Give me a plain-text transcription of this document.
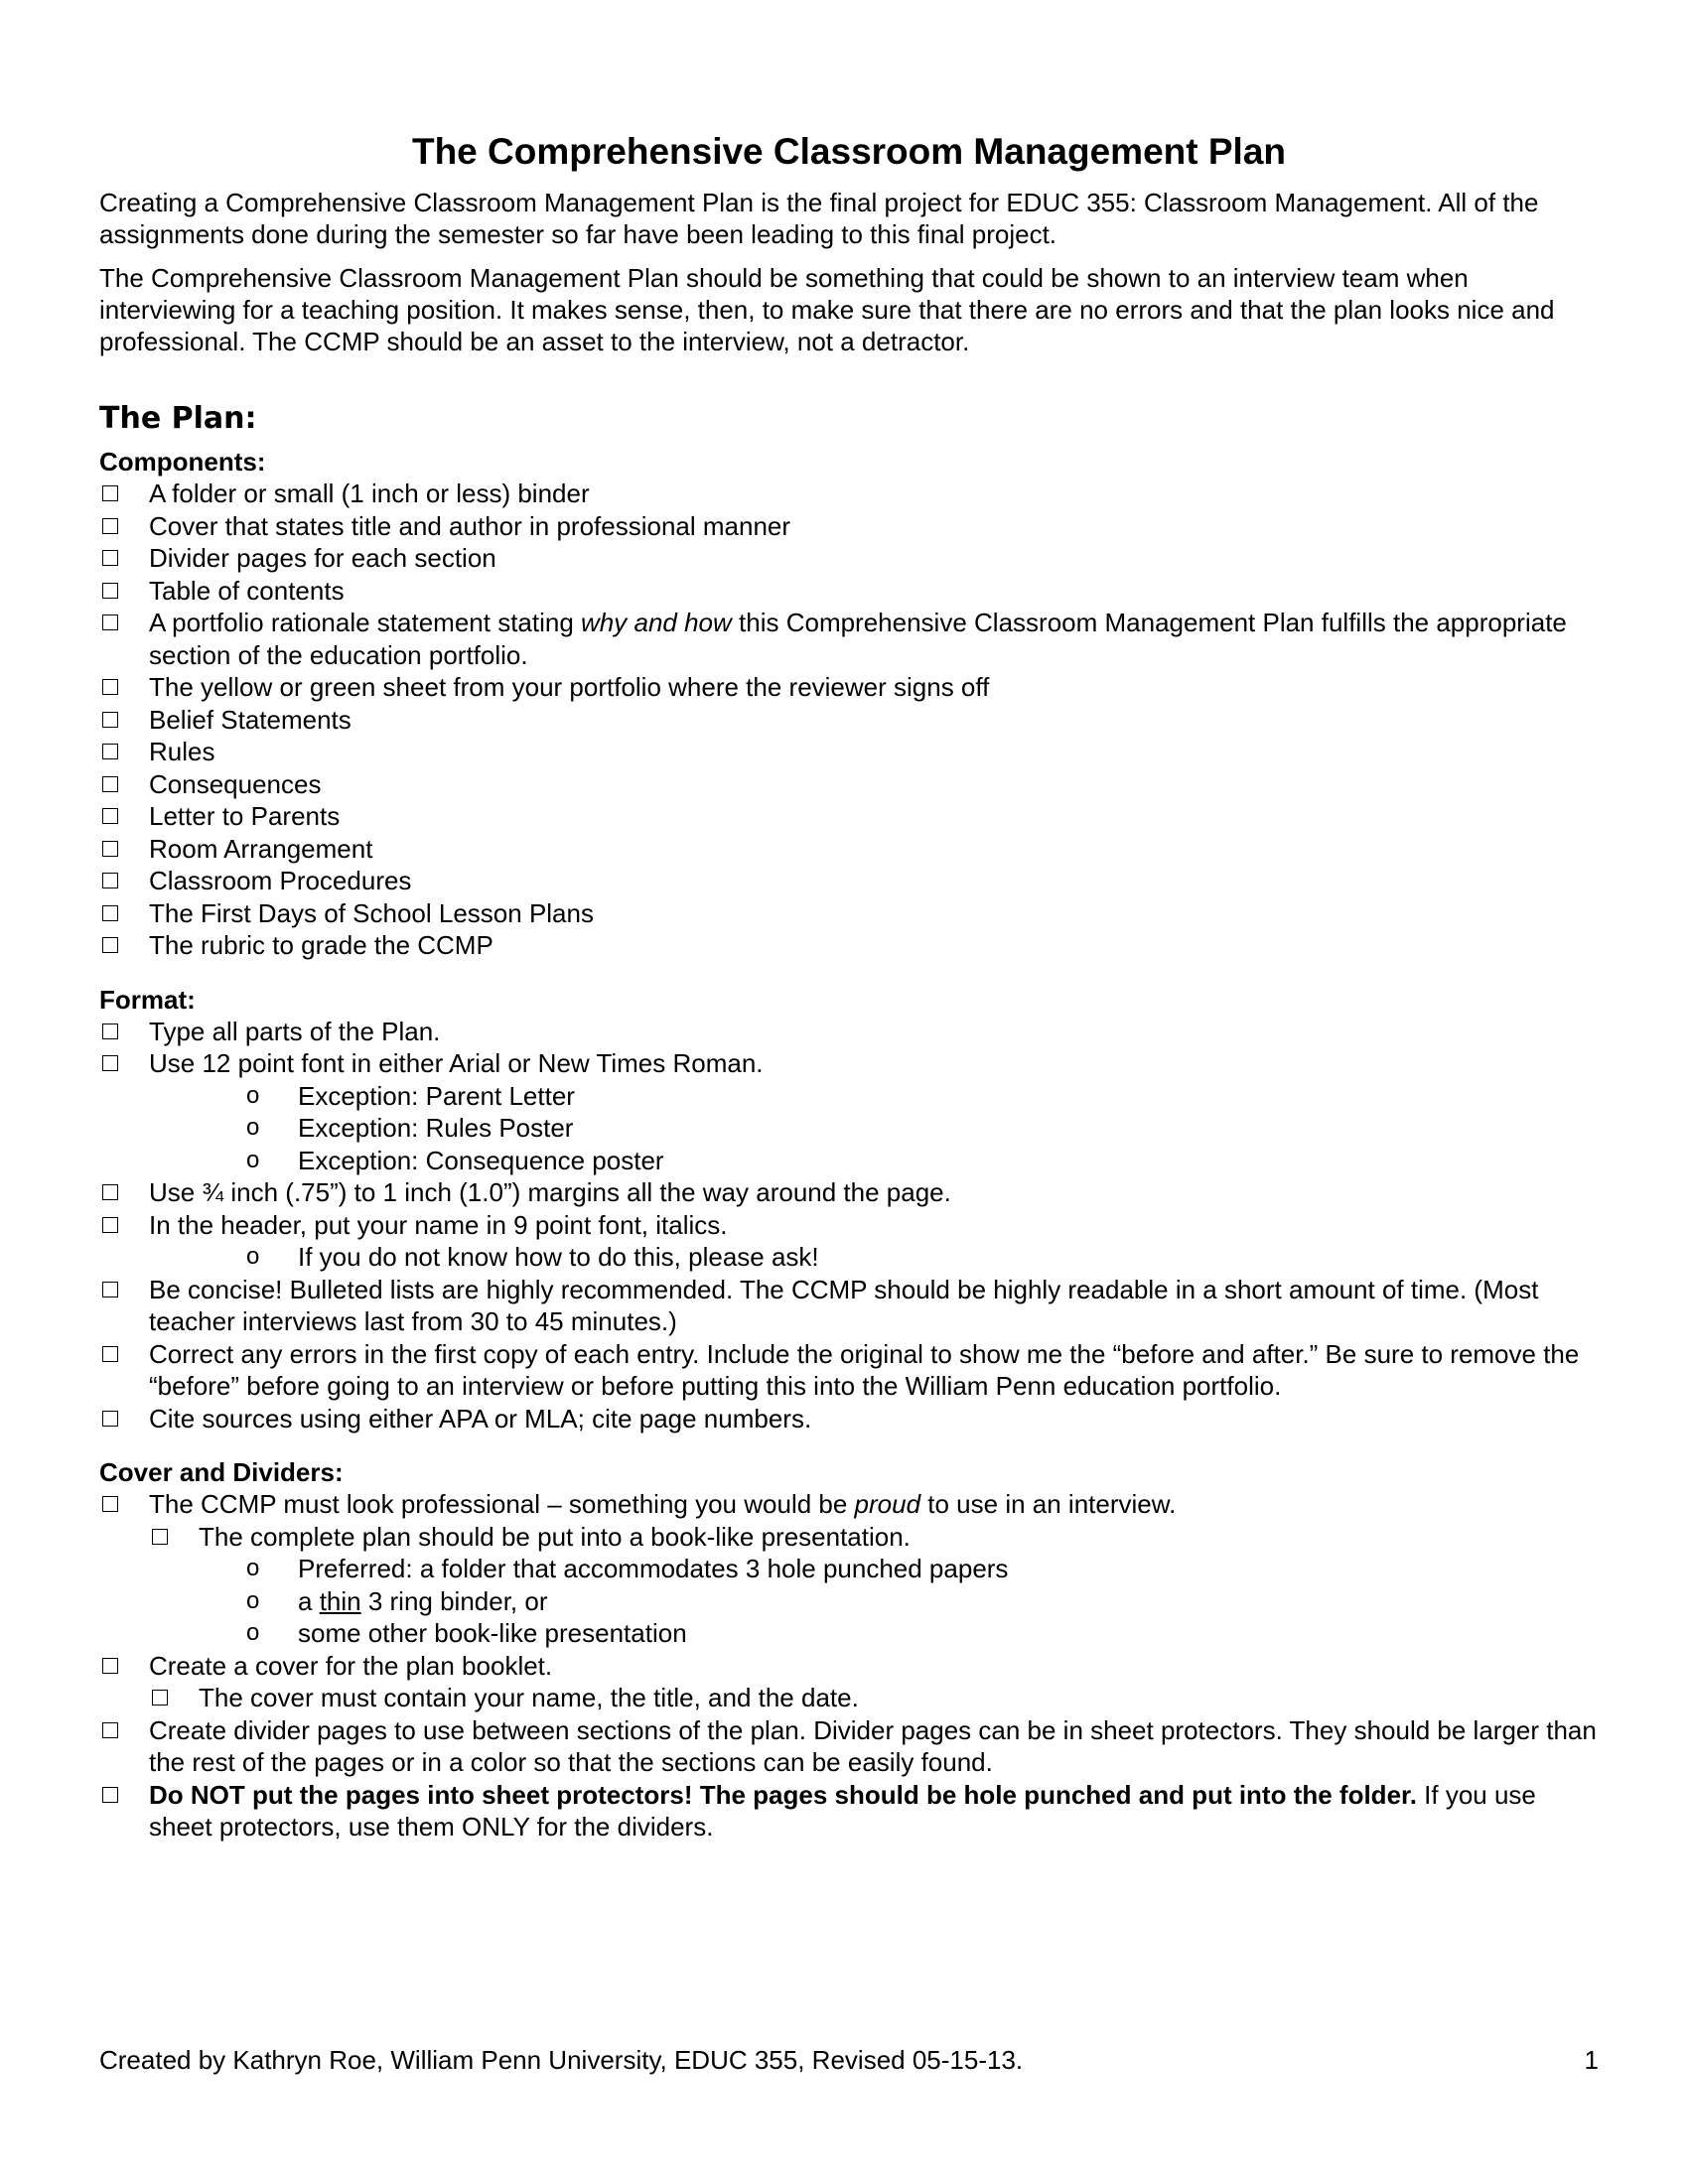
The Comprehensive Classroom Management Plan

Creating a Comprehensive Classroom Management Plan is the final project for EDUC 355: Classroom Management. All of the assignments done during the semester so far have been leading to this final project.

The Comprehensive Classroom Management Plan should be something that could be shown to an interview team when interviewing for a teaching position. It makes sense, then, to make sure that there are no errors and that the plan looks nice and professional. The CCMP should be an asset to the interview, not a detractor.

The Plan:
Components:
A folder or small (1 inch or less) binder
Cover that states title and author in professional manner
Divider pages for each section
Table of contents
A portfolio rationale statement stating why and how this Comprehensive Classroom Management Plan fulfills the appropriate section of the education portfolio.
The yellow or green sheet from your portfolio where the reviewer signs off
Belief Statements
Rules
Consequences
Letter to Parents
Room Arrangement
Classroom Procedures
The First Days of School Lesson Plans
The rubric to grade the CCMP
Format:
Type all parts of the Plan.
Use 12 point font in either Arial or New Times Roman.
o Exception: Parent Letter
o Exception: Rules Poster
o Exception: Consequence poster
Use ¾ inch (.75”) to 1 inch (1.0”) margins all the way around the page.
In the header, put your name in 9 point font, italics.
o If you do not know how to do this, please ask!
Be concise! Bulleted lists are highly recommended. The CCMP should be highly readable in a short amount of time. (Most teacher interviews last from 30 to 45 minutes.)
Correct any errors in the first copy of each entry. Include the original to show me the “before and after.” Be sure to remove the “before” before going to an interview or before putting this into the William Penn education portfolio.
Cite sources using either APA or MLA; cite page numbers.
Cover and Dividers:
The CCMP must look professional – something you would be proud to use in an interview.
The complete plan should be put into a book-like presentation.
o Preferred: a folder that accommodates 3 hole punched papers
o a thin 3 ring binder, or
o some other book-like presentation
Create a cover for the plan booklet.
The cover must contain your name, the title, and the date.
Create divider pages to use between sections of the plan. Divider pages can be in sheet protectors. They should be larger than the rest of the pages or in a color so that the sections can be easily found.
Do NOT put the pages into sheet protectors! The pages should be hole punched and put into the folder. If you use sheet protectors, use them ONLY for the dividers.
Created by Kathryn Roe, William Penn University, EDUC 355, Revised 05-15-13.	1
